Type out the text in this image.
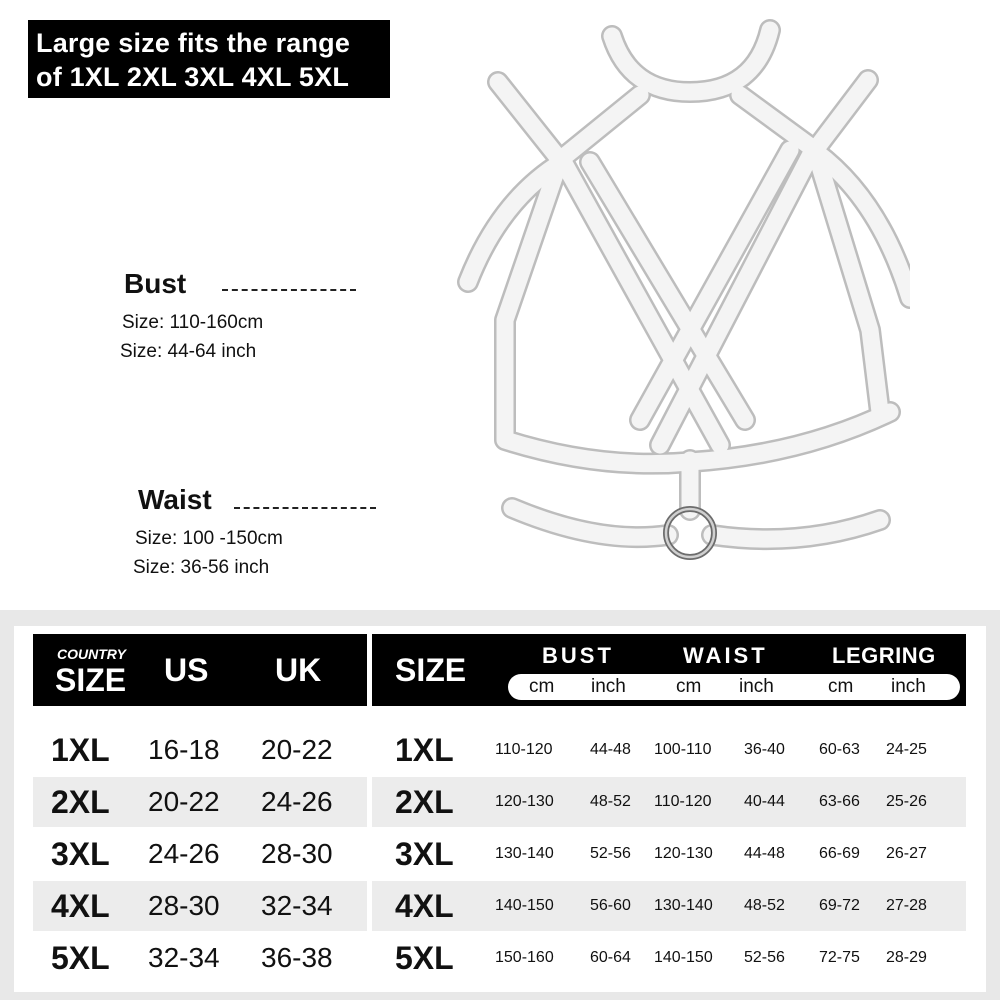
Large size fits the range
of 1XL 2XL 3XL 4XL 5XL
Bust
Size: 110-160cm
Size: 44-64 inch
Waist
Size: 100 -150cm
Size: 36-56 inch
COUNTRY
SIZE US UK SIZE	BUST	WAIST	LEGRING
cm inch	cm inch	cm inch
1XL 16-18 20-22 1XL	110-120 44-48 100-110 36-40 60-63 24-25
2XL 20-22 24-26 2XL	120-130 48-52 110-120 40-44 63-66 25-26
3XL 24-26 28-30 3XL	130-140 52-56 120-130 44-48 66-69 26-27
4XL 28-30 32-34 4XL	140-150 56-60 130-140 48-52 69-72 27-28
5XL 32-34 36-38 5XL	150-160 60-64 140-150 52-56 72-75 28-29
